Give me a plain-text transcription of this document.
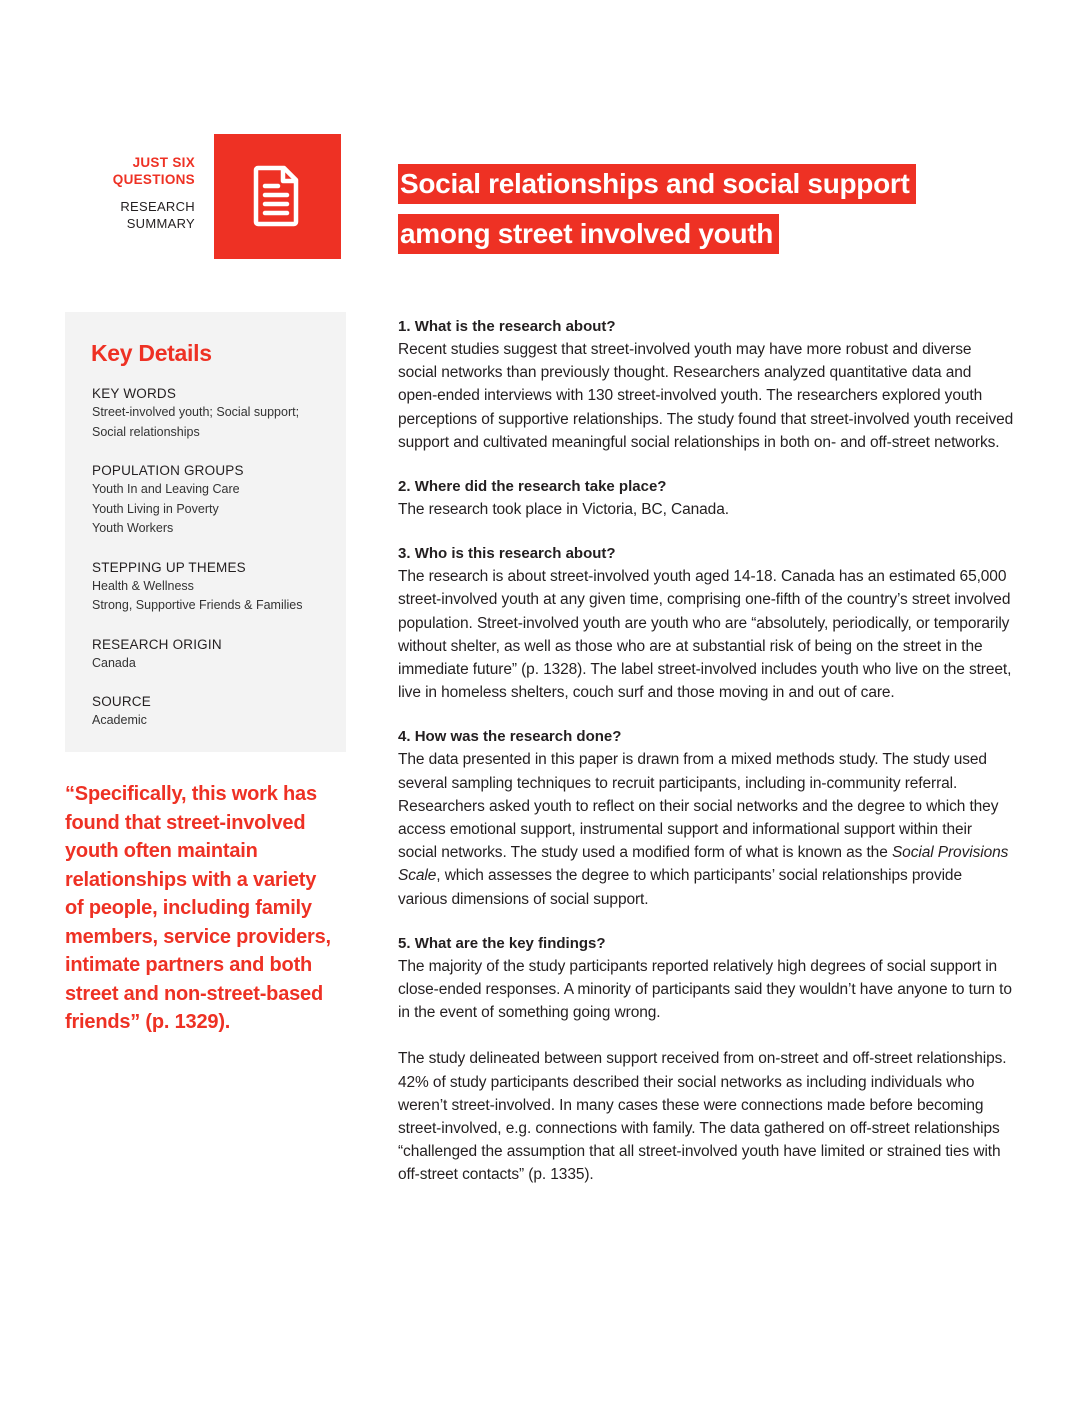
JUST SIX
QUESTIONS
RESEARCH
SUMMARY
Social relationships and social support
among street involved youth
Key Details
KEY WORDS
Street-involved youth; Social support;
Social relationships
POPULATION GROUPS
Youth In and Leaving Care
Youth Living in Poverty
Youth Workers
STEPPING UP THEMES
Health & Wellness
Strong, Supportive Friends & Families
RESEARCH ORIGIN
Canada
SOURCE
Academic
“Specifically, this work has found that street-involved youth often maintain relationships with a variety of people, including family members, service providers, intimate partners and both street and non-street-based friends” (p. 1329).
1. What is the research about?

Recent studies suggest that street-involved youth may have more robust and diverse social networks than previously thought. Researchers analyzed quantitative data and open-ended interviews with 130 street-involved youth. The researchers explored youth perceptions of supportive relationships. The study found that street-involved youth received support and cultivated meaningful social relationships in both on- and off-street networks.

2. Where did the research take place?

The research took place in Victoria, BC, Canada.

3. Who is this research about?

The research is about street-involved youth aged 14-18. Canada has an estimated 65,000 street-involved youth at any given time, comprising one-fifth of the country’s street involved population. Street-involved youth are youth who are “absolutely, periodically, or temporarily without shelter, as well as those who are at substantial risk of being on the street in the immediate future” (p. 1328). The label street-involved includes youth who live on the street, live in homeless shelters, couch surf and those moving in and out of care.

4. How was the research done?

The data presented in this paper is drawn from a mixed methods study. The study used several sampling techniques to recruit participants, including in-community referral. Researchers asked youth to reflect on their social networks and the degree to which they access emotional support, instrumental support and informational support within their social networks. The study used a modified form of what is known as the Social Provisions Scale, which assesses the degree to which participants’ social relationships provide various dimensions of social support.

5. What are the key findings?

The majority of the study participants reported relatively high degrees of social support in close-ended responses. A minority of participants said they wouldn’t have anyone to turn to in the event of something going wrong.

The study delineated between support received from on-street and off-street relationships. 42% of study participants described their social networks as including individuals who weren’t street-involved. In many cases these were connections made before becoming street-involved, e.g. connections with family. The data gathered on off-street relationships “challenged the assumption that all street-involved youth have limited or strained ties with off-street contacts” (p. 1335).
